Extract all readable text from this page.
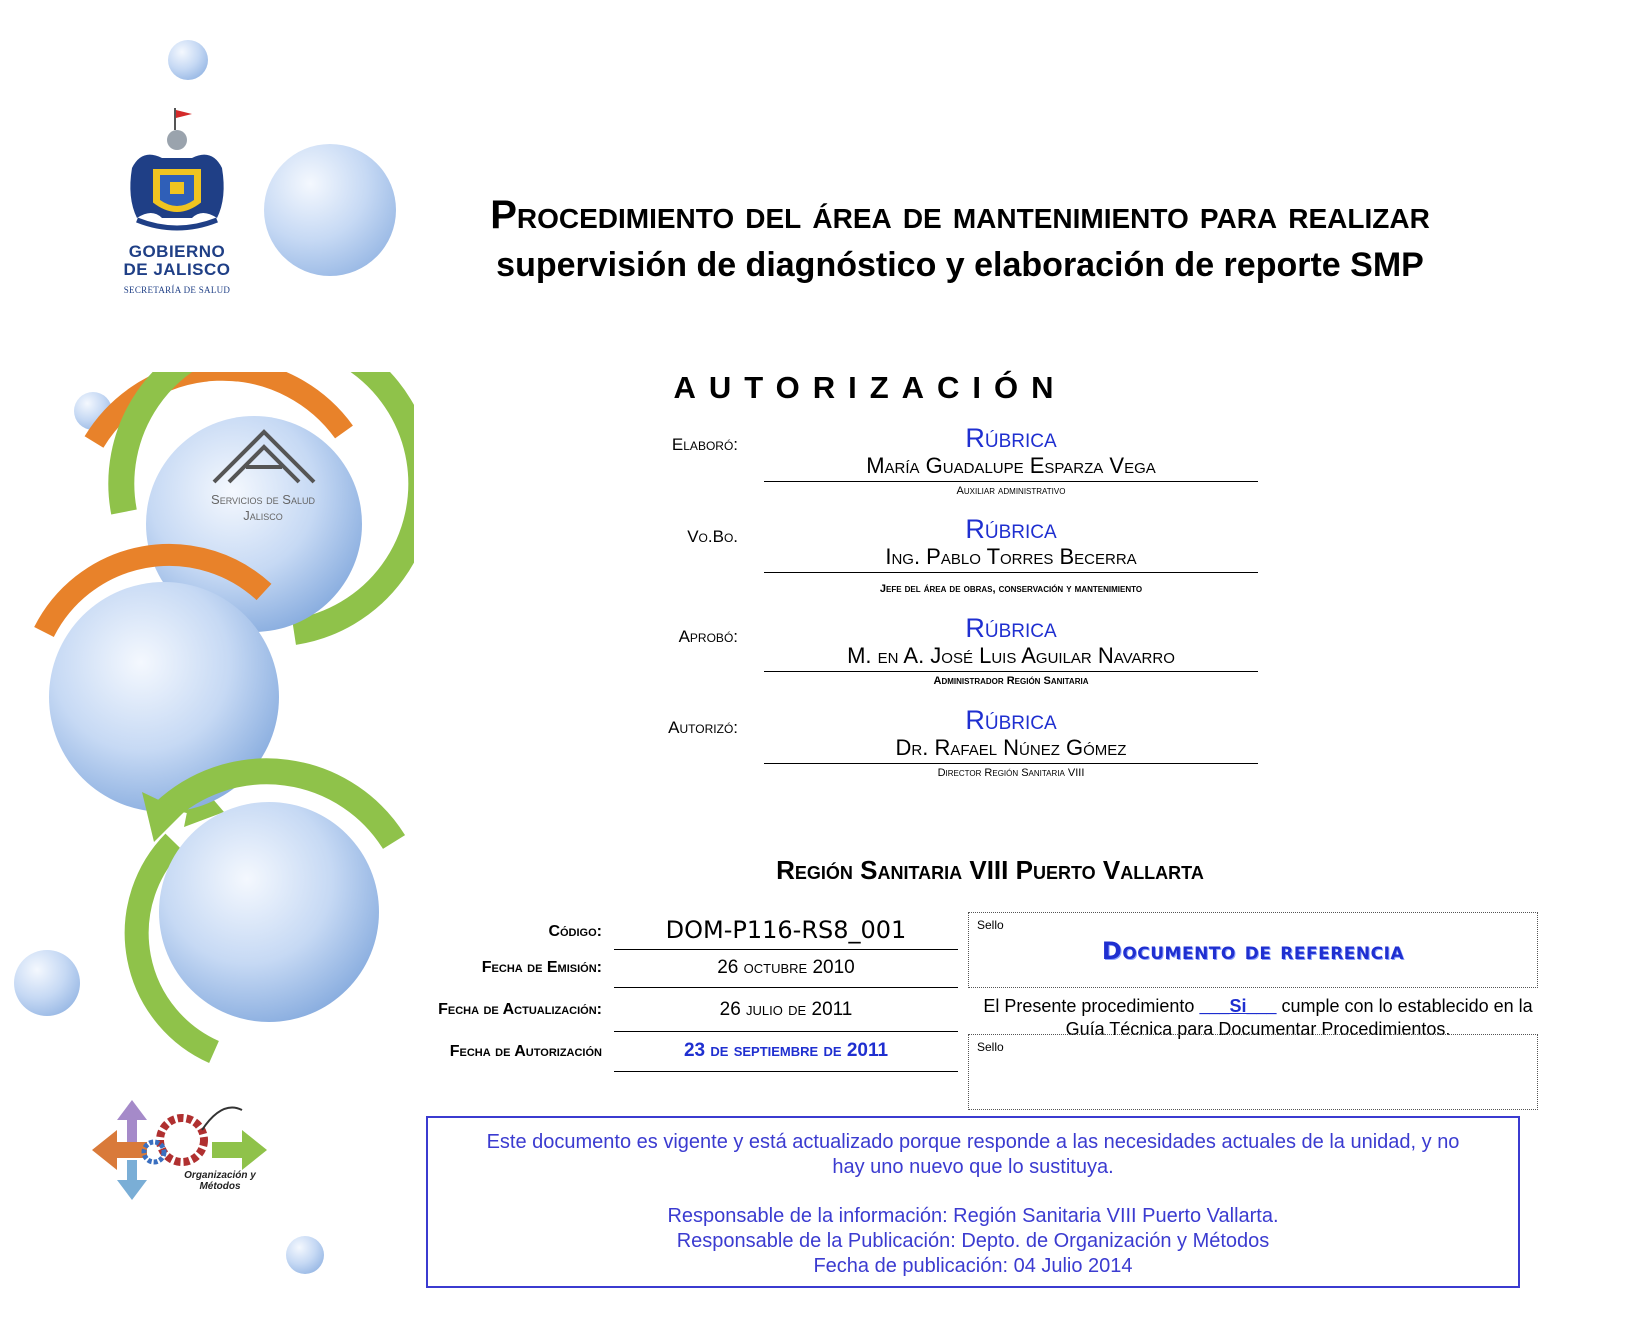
GOBIERNO
DE JALISCO
SECRETARÍA DE SALUD
Procedimiento del área de mantenimiento para realizar
supervisión de diagnóstico y elaboración de reporte SMP
Servicios de Salud
Jalisco
Organización y
Métodos
AUTORIZACIÓN
Elaboró:	Rúbrica
María Guadalupe Esparza Vega
Auxiliar administrativo
Vo.Bo.	Rúbrica
Ing. Pablo Torres Becerra
Jefe del área de obras, conservación y mantenimiento
Aprobó:	Rúbrica
M. en A. José Luis Aguilar Navarro
Administrador Región Sanitaria
Autorizó:	Rúbrica
Dr. Rafael Núnez Gómez
Director Región Sanitaria VIII
Región Sanitaria VIII Puerto Vallarta
Código:	DOM-P116-RS8_001
Fecha de Emisión:	26 octubre 2010
Fecha de Actualización:	26 julio de 2011
Fecha de Autorización	23 de septiembre de 2011
Sello
Documento de referencia
El Presente procedimiento ___Si___ cumple con lo establecido en la Guía Técnica para Documentar Procedimientos.
Sello
Este documento es vigente y está actualizado porque responde a las necesidades actuales de la unidad, y no hay uno nuevo que lo sustituya.
Responsable de la información: Región Sanitaria VIII Puerto Vallarta.
Responsable de la Publicación: Depto. de Organización y Métodos
Fecha de publicación: 04 Julio 2014
